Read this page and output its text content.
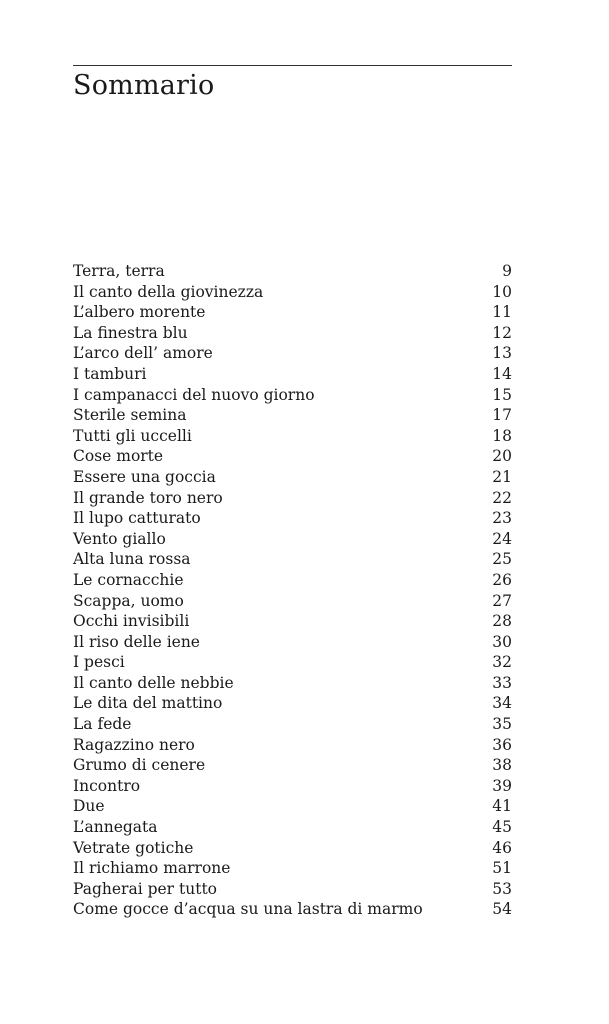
Sommario
Terra, terra	9
Il canto della giovinezza	10
L’albero morente	11
La finestra blu	12
L’arco dell’ amore	13
I tamburi	14
I campanacci del nuovo giorno	15
Sterile semina	17
Tutti gli uccelli	18
Cose morte	20
Essere una goccia	21
Il grande toro nero	22
Il lupo catturato	23
Vento giallo	24
Alta luna rossa	25
Le cornacchie	26
Scappa, uomo	27
Occhi invisibili	28
Il riso delle iene	30
I pesci	32
Il canto delle nebbie	33
Le dita del mattino	34
La fede	35
Ragazzino nero	36
Grumo di cenere	38
Incontro	39
Due	41
L’annegata	45
Vetrate gotiche	46
Il richiamo marrone	51
Pagherai per tutto	53
Come gocce d’acqua su una lastra di marmo	54
